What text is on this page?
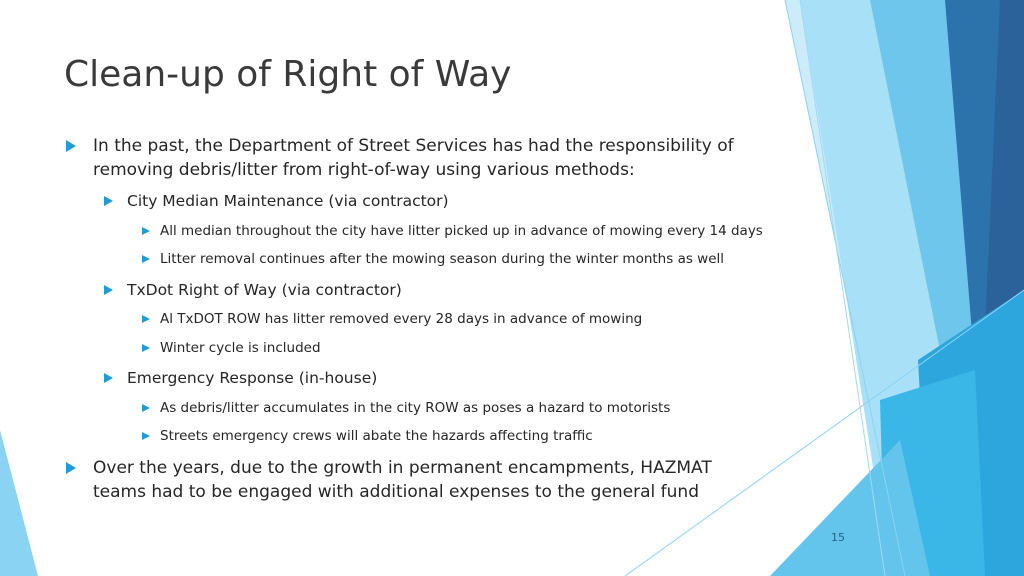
Clean-up of Right of Way
In the past, the Department of Street Services has had the responsibility of removing debris/litter from right-of-way using various methods:
City Median Maintenance (via contractor)
All median throughout the city have litter picked up in advance of mowing every 14 days
Litter removal continues after the mowing season during the winter months as well
TxDot Right of Way (via contractor)
Al TxDOT ROW has litter removed every 28 days in advance of mowing
Winter cycle is included
Emergency Response (in-house)
As debris/litter accumulates in the city ROW as poses a hazard to motorists
Streets emergency crews will abate the hazards affecting traffic
Over the years, due to the growth in permanent encampments, HAZMAT teams had to be engaged with additional expenses to the general fund
15
